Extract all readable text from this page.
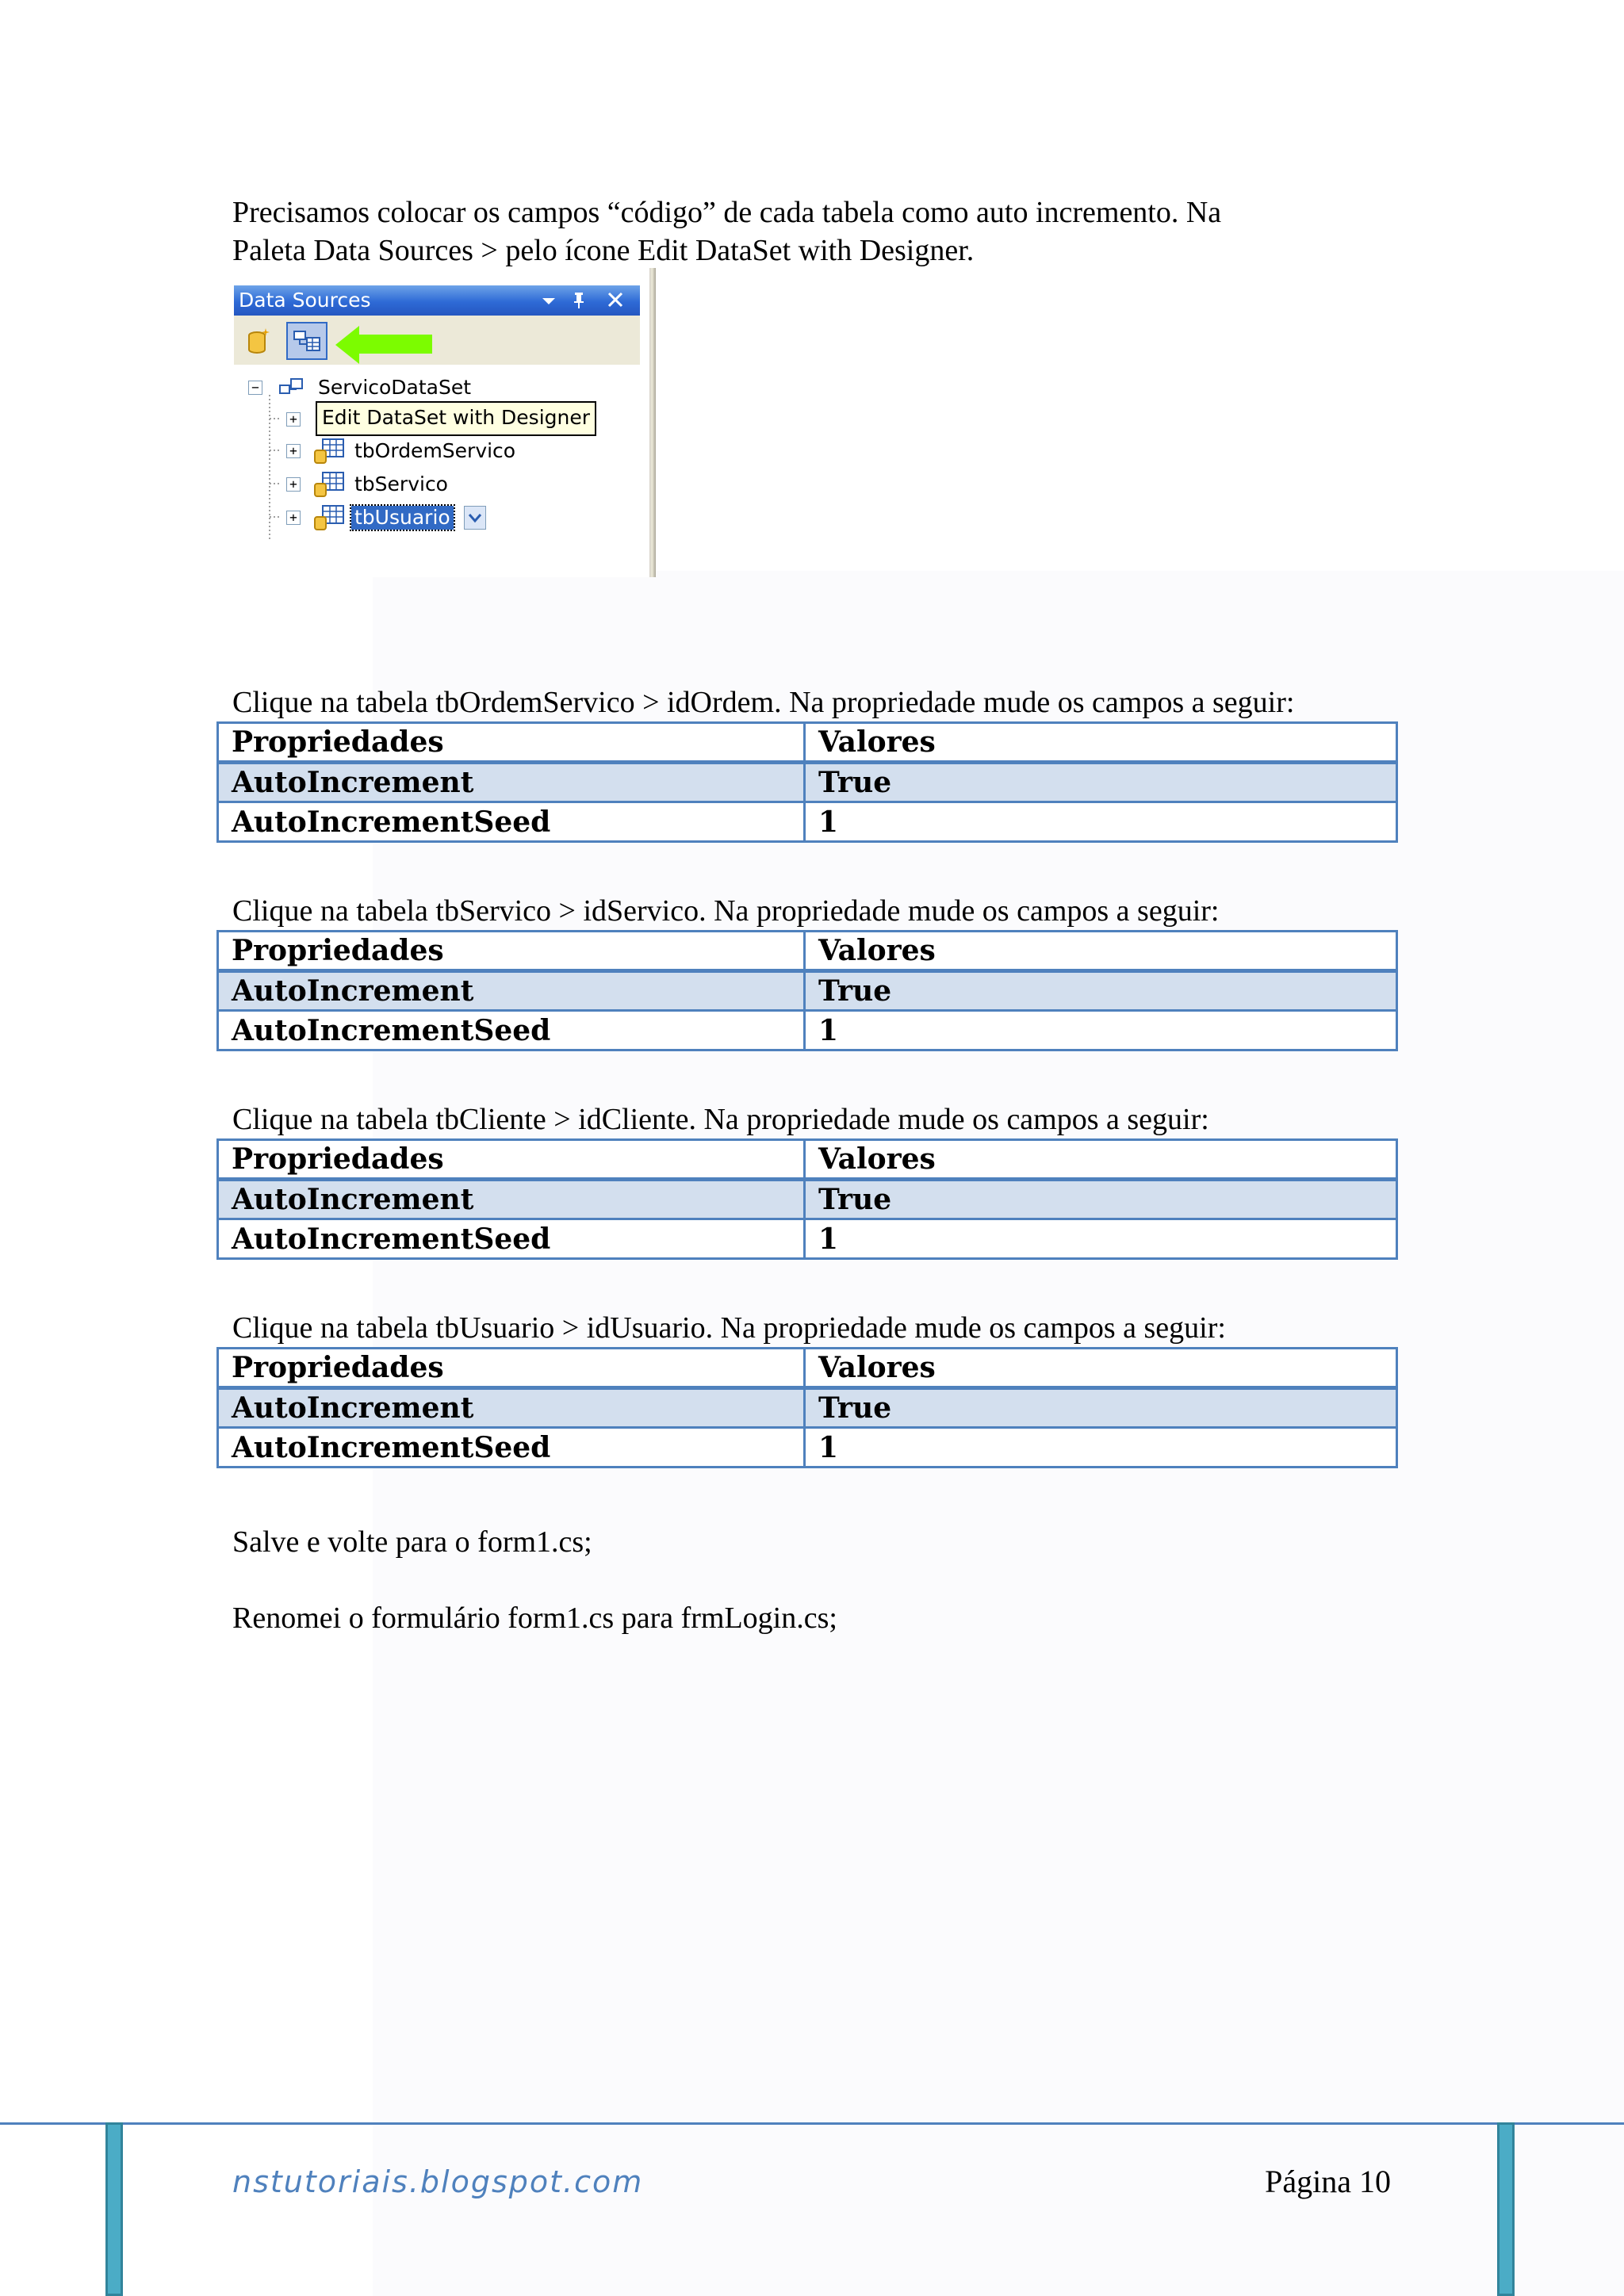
Precisamos colocar os campos “código” de cada tabela como auto incremento. Na
Paleta Data Sources > pelo ícone Edit DataSet with Designer.
Data Sources
−	ServicoDataSet
+
+	tbOrdemServico
+	tbServico
+	tbUsuario
Edit DataSet with Designer
Clique na tabela tbOrdemServico > idOrdem. Na propriedade mude os campos a seguir:
Propriedades	Valores
AutoIncrement	True
AutoIncrementSeed	1
Clique na tabela tbServico > idServico. Na propriedade mude os campos a seguir:
Propriedades	Valores
AutoIncrement	True
AutoIncrementSeed	1
Clique na tabela tbCliente > idCliente. Na propriedade mude os campos a seguir:
Propriedades	Valores
AutoIncrement	True
AutoIncrementSeed	1
Clique na tabela tbUsuario > idUsuario. Na propriedade mude os campos a seguir:
Propriedades	Valores
AutoIncrement	True
AutoIncrementSeed	1
Salve e volte para o form1.cs;
Renomei o formulário form1.cs para frmLogin.cs;
nstutoriais.blogspot.com	Página 10
